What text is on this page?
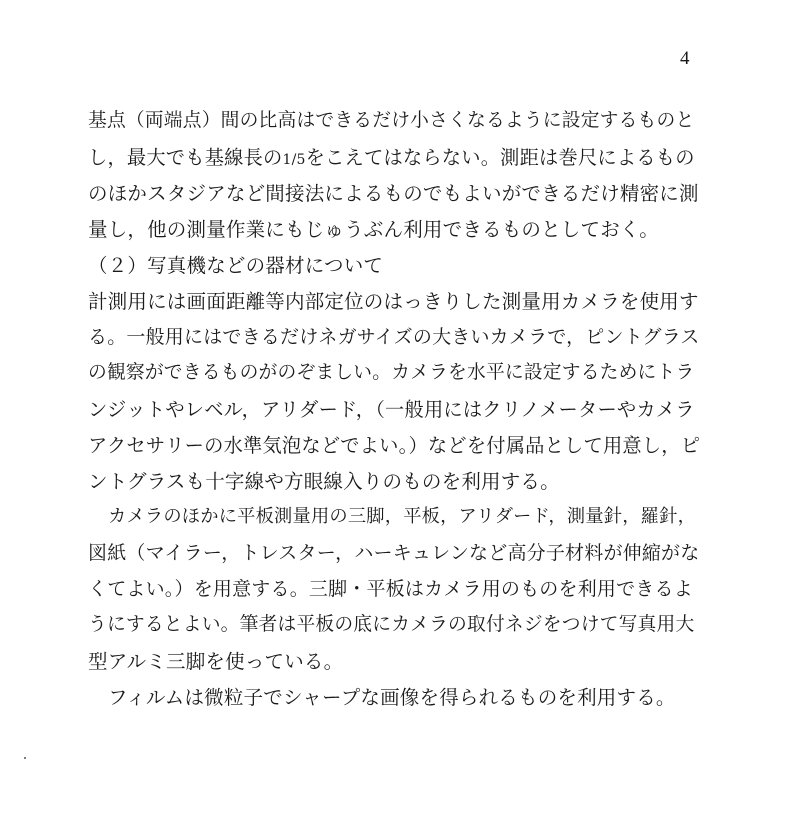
4
基点（両端点）間の比高はできるだけ小さくなるように設定するものと
し，最大でも基線長の1/5をこえてはならない。測距は巻尺によるもの
のほかスタジアなど間接法によるものでもよいができるだけ精密に測
量し，他の測量作業にもじゅうぶん利用できるものとしておく。
（２）写真機などの器材について
計測用には画面距離等内部定位のはっきりした測量用カメラを使用す
る。一般用にはできるだけネガサイズの大きいカメラで，ピントグラス
の観察ができるものがのぞましい。カメラを水平に設定するためにトラ
ンジットやレベル，アリダード，（一般用にはクリノメーターやカメラ
アクセサリーの水準気泡などでよい。）などを付属品として用意し，ピ
ントグラスも十字線や方眼線入りのものを利用する。
カメラのほかに平板測量用の三脚，平板，アリダード，測量針，羅針，
図紙（マイラー，トレスター，ハーキュレンなど高分子材料が伸縮がな
くてよい。）を用意する。三脚・平板はカメラ用のものを利用できるよ
うにするとよい。筆者は平板の底にカメラの取付ネジをつけて写真用大
型アルミ三脚を使っている。
フィルムは微粒子でシャープな画像を得られるものを利用する。
